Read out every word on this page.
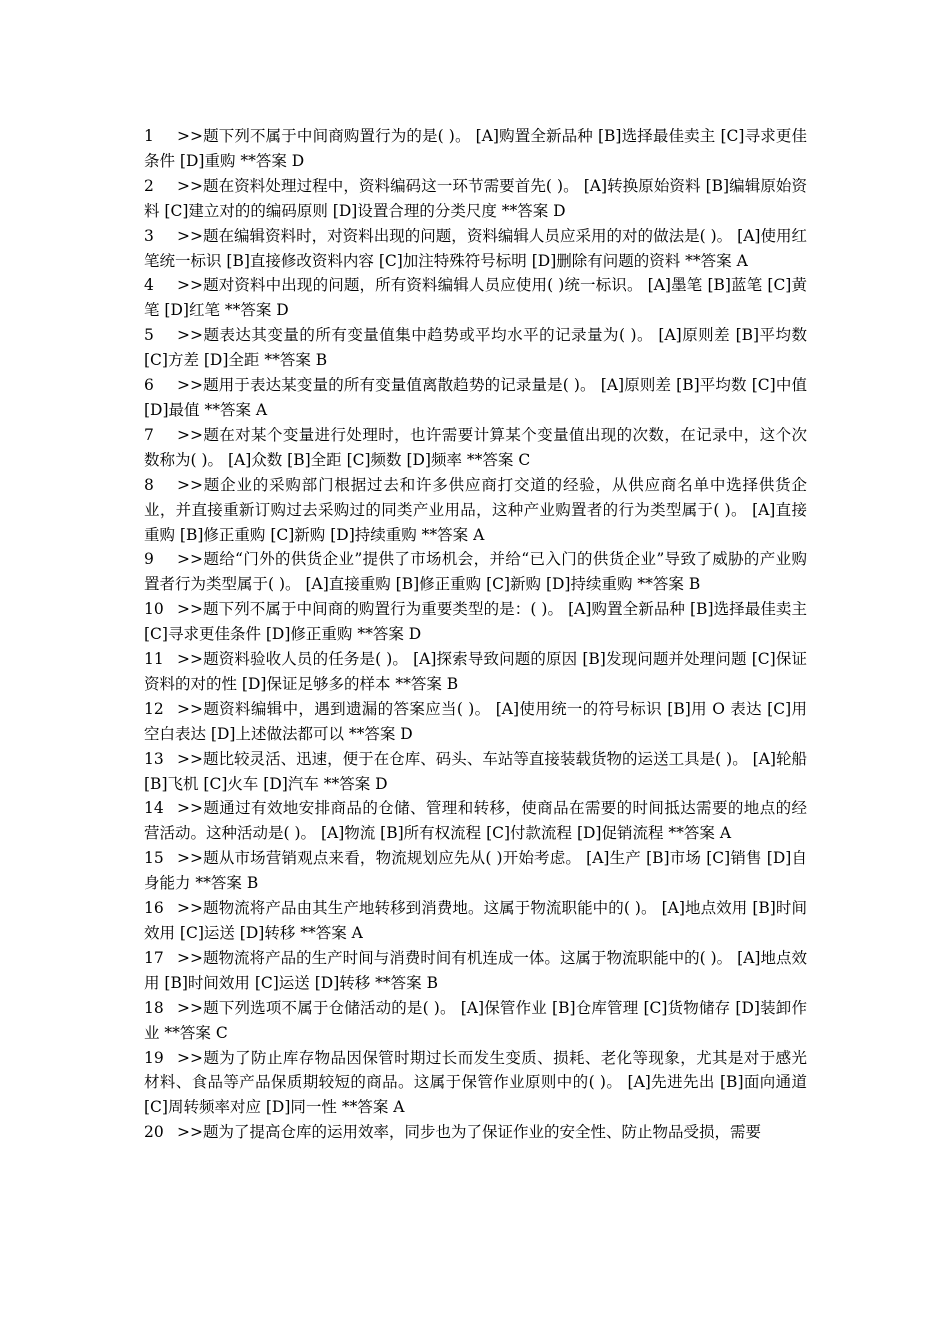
1 >>题下列不属于中间商购置行为的是( )。 [A]购置全新品种 [B]选择最佳卖主 [C]寻求更佳条件 [D]重购 **答案 D

2 >>题在资料处理过程中，资料编码这一环节需要首先( )。 [A]转换原始资料 [B]编辑原始资料 [C]建立对的的编码原则 [D]设置合理的分类尺度 **答案 D

3 >>题在编辑资料时，对资料出现的问题，资料编辑人员应采用的对的做法是( )。 [A]使用红笔统一标识 [B]直接修改资料内容 [C]加注特殊符号标明 [D]删除有问题的资料 **答案 A

4 >>题对资料中出现的问题，所有资料编辑人员应使用( )统一标识。 [A]墨笔 [B]蓝笔 [C]黄笔 [D]红笔 **答案 D

5 >>题表达其变量的所有变量值集中趋势或平均水平的记录量为( )。 [A]原则差 [B]平均数 [C]方差 [D]全距 **答案 B

6 >>题用于表达某变量的所有变量值离散趋势的记录量是( )。 [A]原则差 [B]平均数 [C]中值 [D]最值 **答案 A

7 >>题在对某个变量进行处理时，也许需要计算某个变量值出现的次数，在记录中，这个次数称为( )。 [A]众数 [B]全距 [C]频数 [D]频率 **答案 C

8 >>题企业的采购部门根据过去和许多供应商打交道的经验，从供应商名单中选择供货企业，并直接重新订购过去采购过的同类产业用品，这种产业购置者的行为类型属于( )。 [A]直接重购 [B]修正重购 [C]新购 [D]持续重购 **答案 A

9 >>题给“门外的供货企业”提供了市场机会，并给“已入门的供货企业”导致了威胁的产业购置者行为类型属于( )。 [A]直接重购 [B]修正重购 [C]新购 [D]持续重购 **答案 B

10 >>题下列不属于中间商的购置行为重要类型的是：( )。 [A]购置全新品种 [B]选择最佳卖主 [C]寻求更佳条件 [D]修正重购 **答案 D

11 >>题资料验收人员的任务是( )。 [A]探索导致问题的原因 [B]发现问题并处理问题 [C]保证资料的对的性 [D]保证足够多的样本 **答案 B

12 >>题资料编辑中，遇到遗漏的答案应当( )。 [A]使用统一的符号标识 [B]用 O 表达 [C]用空白表达 [D]上述做法都可以 **答案 D

13 >>题比较灵活、迅速，便于在仓库、码头、车站等直接装载货物的运送工具是( )。 [A]轮船 [B]飞机 [C]火车 [D]汽车 **答案 D

14 >>题通过有效地安排商品的仓储、管理和转移，使商品在需要的时间抵达需要的地点的经营活动。这种活动是( )。 [A]物流 [B]所有权流程 [C]付款流程 [D]促销流程 **答案 A

15 >>题从市场营销观点来看，物流规划应先从( )开始考虑。 [A]生产 [B]市场 [C]销售 [D]自身能力 **答案 B

16 >>题物流将产品由其生产地转移到消费地。这属于物流职能中的( )。 [A]地点效用 [B]时间效用 [C]运送 [D]转移 **答案 A

17 >>题物流将产品的生产时间与消费时间有机连成一体。这属于物流职能中的( )。 [A]地点效用 [B]时间效用 [C]运送 [D]转移 **答案 B

18 >>题下列选项不属于仓储活动的是( )。 [A]保管作业 [B]仓库管理 [C]货物储存 [D]装卸作业 **答案 C

19 >>题为了防止库存物品因保管时期过长而发生变质、损耗、老化等现象，尤其是对于感光材料、食品等产品保质期较短的商品。这属于保管作业原则中的( )。 [A]先进先出 [B]面向通道 [C]周转频率对应 [D]同一性 **答案 A

20 >>题为了提高仓库的运用效率，同步也为了保证作业的安全性、防止物品受损，需要
